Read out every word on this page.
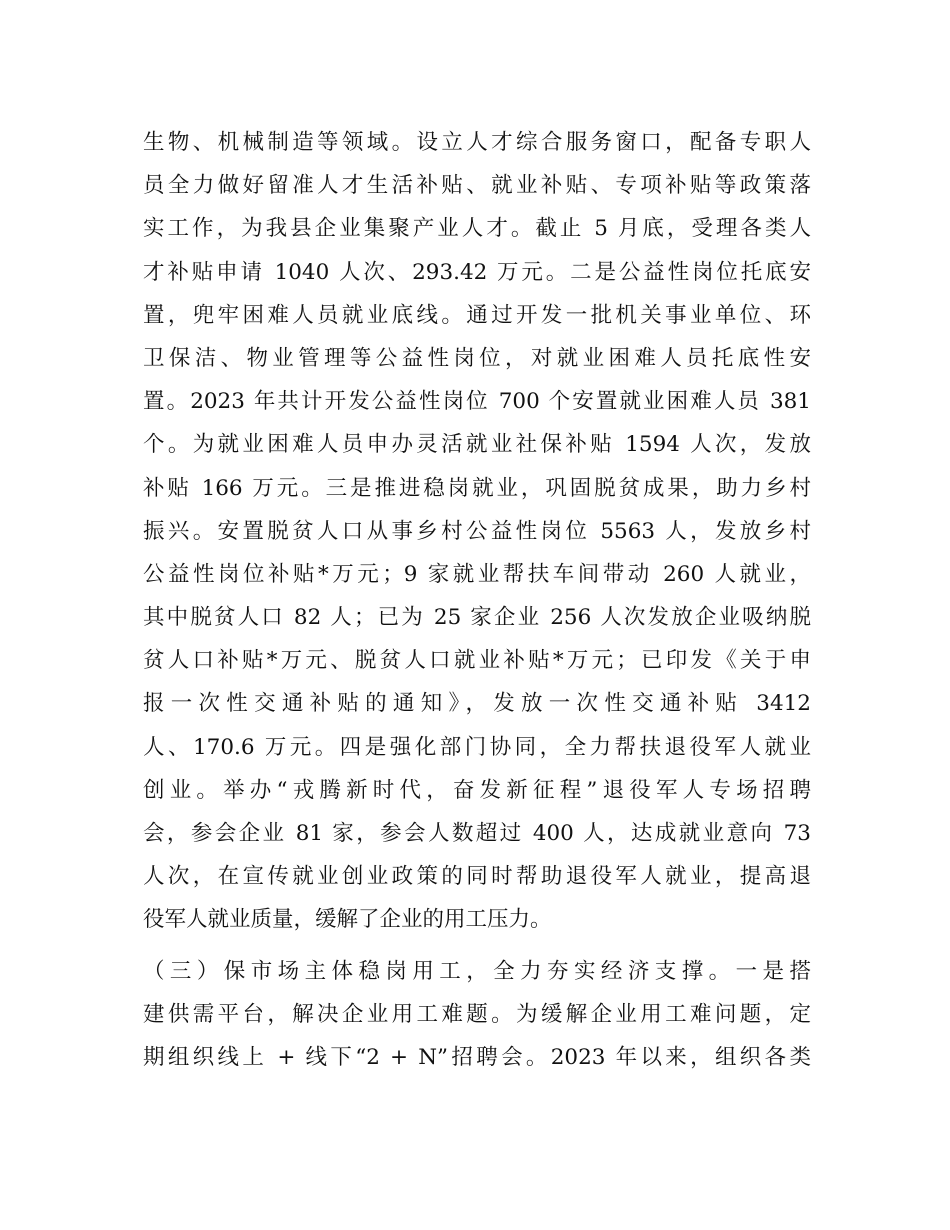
生物、机械制造等领域。设立人才综合服务窗口，配备专职人
员全力做好留准人才生活补贴、就业补贴、专项补贴等政策落
实工作，为我县企业集聚产业人才。截止 5 月底，受理各类人
才补贴申请 1040 人次、293.42 万元。二是公益性岗位托底安
置，兜牢困难人员就业底线。通过开发一批机关事业单位、环
卫保洁、物业管理等公益性岗位，对就业困难人员托底性安
置。2023 年共计开发公益性岗位 700 个安置就业困难人员 381
个。为就业困难人员申办灵活就业社保补贴 1594 人次，发放
补贴 166 万元。三是推进稳岗就业，巩固脱贫成果，助力乡村
振兴。安置脱贫人口从事乡村公益性岗位 5563 人，发放乡村
公益性岗位补贴*万元；9 家就业帮扶车间带动 260 人就业，
其中脱贫人口 82 人；已为 25 家企业 256 人次发放企业吸纳脱
贫人口补贴*万元、脱贫人口就业补贴*万元；已印发《关于申
报一次性交通补贴的通知》，发放一次性交通补贴 3412
人、170.6 万元。四是强化部门协同，全力帮扶退役军人就业
创业。举办“戎腾新时代，奋发新征程”退役军人专场招聘
会，参会企业 81 家，参会人数超过 400 人，达成就业意向 73
人次，在宣传就业创业政策的同时帮助退役军人就业，提高退
役军人就业质量，缓解了企业的用工压力。
（三）保市场主体稳岗用工，全力夯实经济支撑。一是搭
建供需平台，解决企业用工难题。为缓解企业用工难问题，定
期组织线上 + 线下“2 + N”招聘会。2023 年以来，组织各类
